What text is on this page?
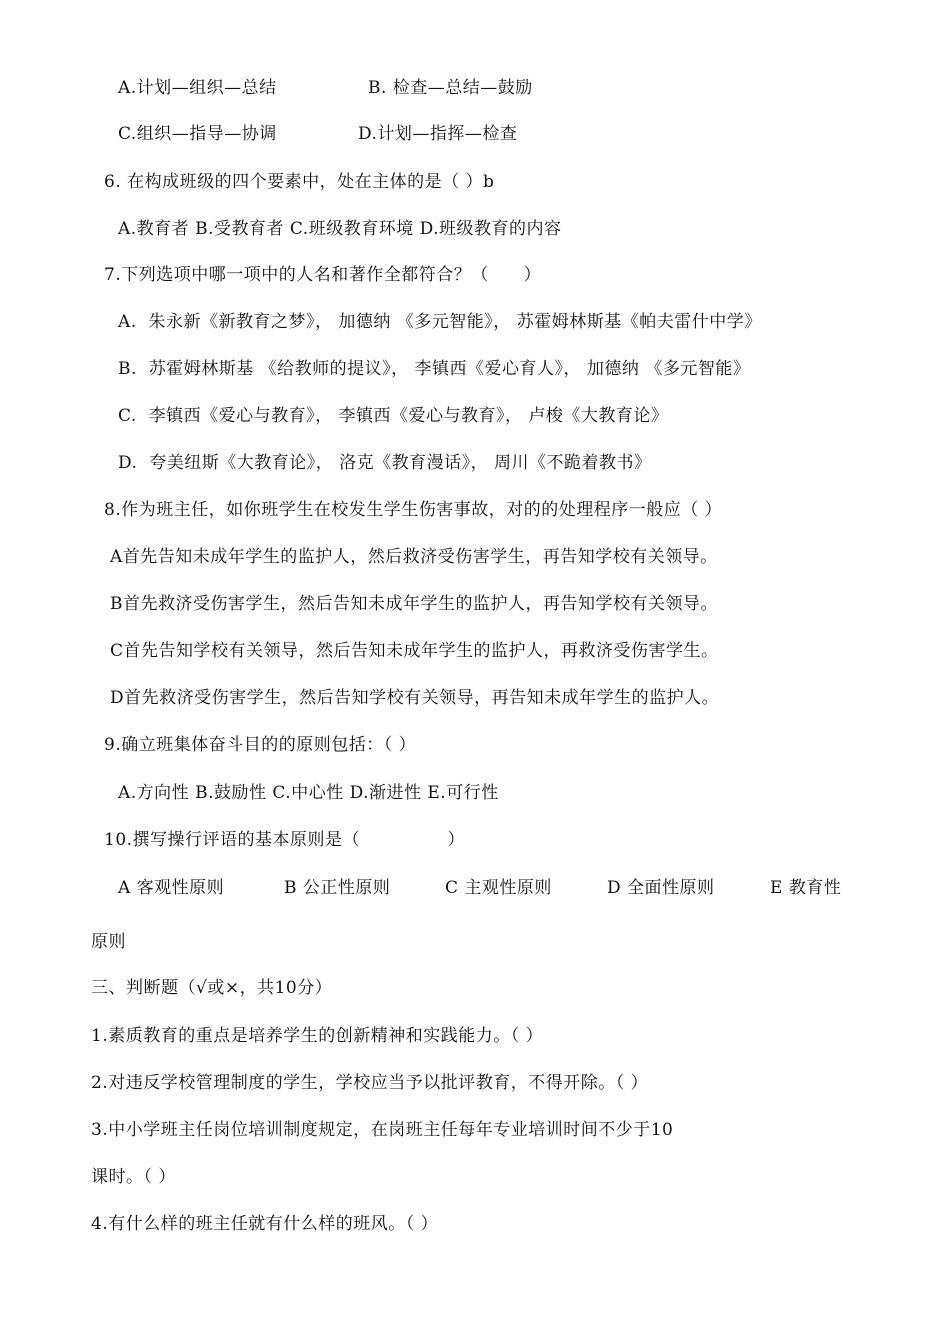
A.计划—组织—总结	B. 检查—总结—鼓励
C.组织—指导—协调	D.计划—指挥—检查
6. 在构成班级的四个要素中，处在主体的是（ ）b
A.教育者 B.受教育者 C.班级教育环境 D.班级教育的内容
7.下列选项中哪一项中的人名和著作全都符合？（　　）
A.  朱永新《新教育之梦》， 加德纳 《多元智能》， 苏霍姆林斯基《帕夫雷什中学》
B.  苏霍姆林斯基 《给教师的提议》， 李镇西《爱心育人》， 加德纳 《多元智能》
C.  李镇西《爱心与教育》， 李镇西《爱心与教育》， 卢梭《大教育论》
D.  夸美纽斯《大教育论》， 洛克《教育漫话》， 周川《不跪着教书》
8.作为班主任，如你班学生在校发生学生伤害事故，对的的处理程序一般应（ ）
A首先告知未成年学生的监护人，然后救济受伤害学生，再告知学校有关领导。
B首先救济受伤害学生，然后告知未成年学生的监护人，再告知学校有关领导。
C首先告知学校有关领导，然后告知未成年学生的监护人，再救济受伤害学生。
D首先救济受伤害学生，然后告知学校有关领导，再告知未成年学生的监护人。
9.确立班集体奋斗目的的原则包括：（ ）
A.方向性 B.鼓励性 C.中心性 D.渐进性 E.可行性
10.撰写操行评语的基本原则是（　　　　　）
A 客观性原则	B 公正性原则	C 主观性原则	D 全面性原则	E 教育性
原则
三、判断题（√或×，共10分）
1.素质教育的重点是培养学生的创新精神和实践能力。（ ）
2.对违反学校管理制度的学生，学校应当予以批评教育，不得开除。（ ）
3.中小学班主任岗位培训制度规定，在岗班主任每年专业培训时间不少于10
课时。（ ）
4.有什么样的班主任就有什么样的班风。（ ）
